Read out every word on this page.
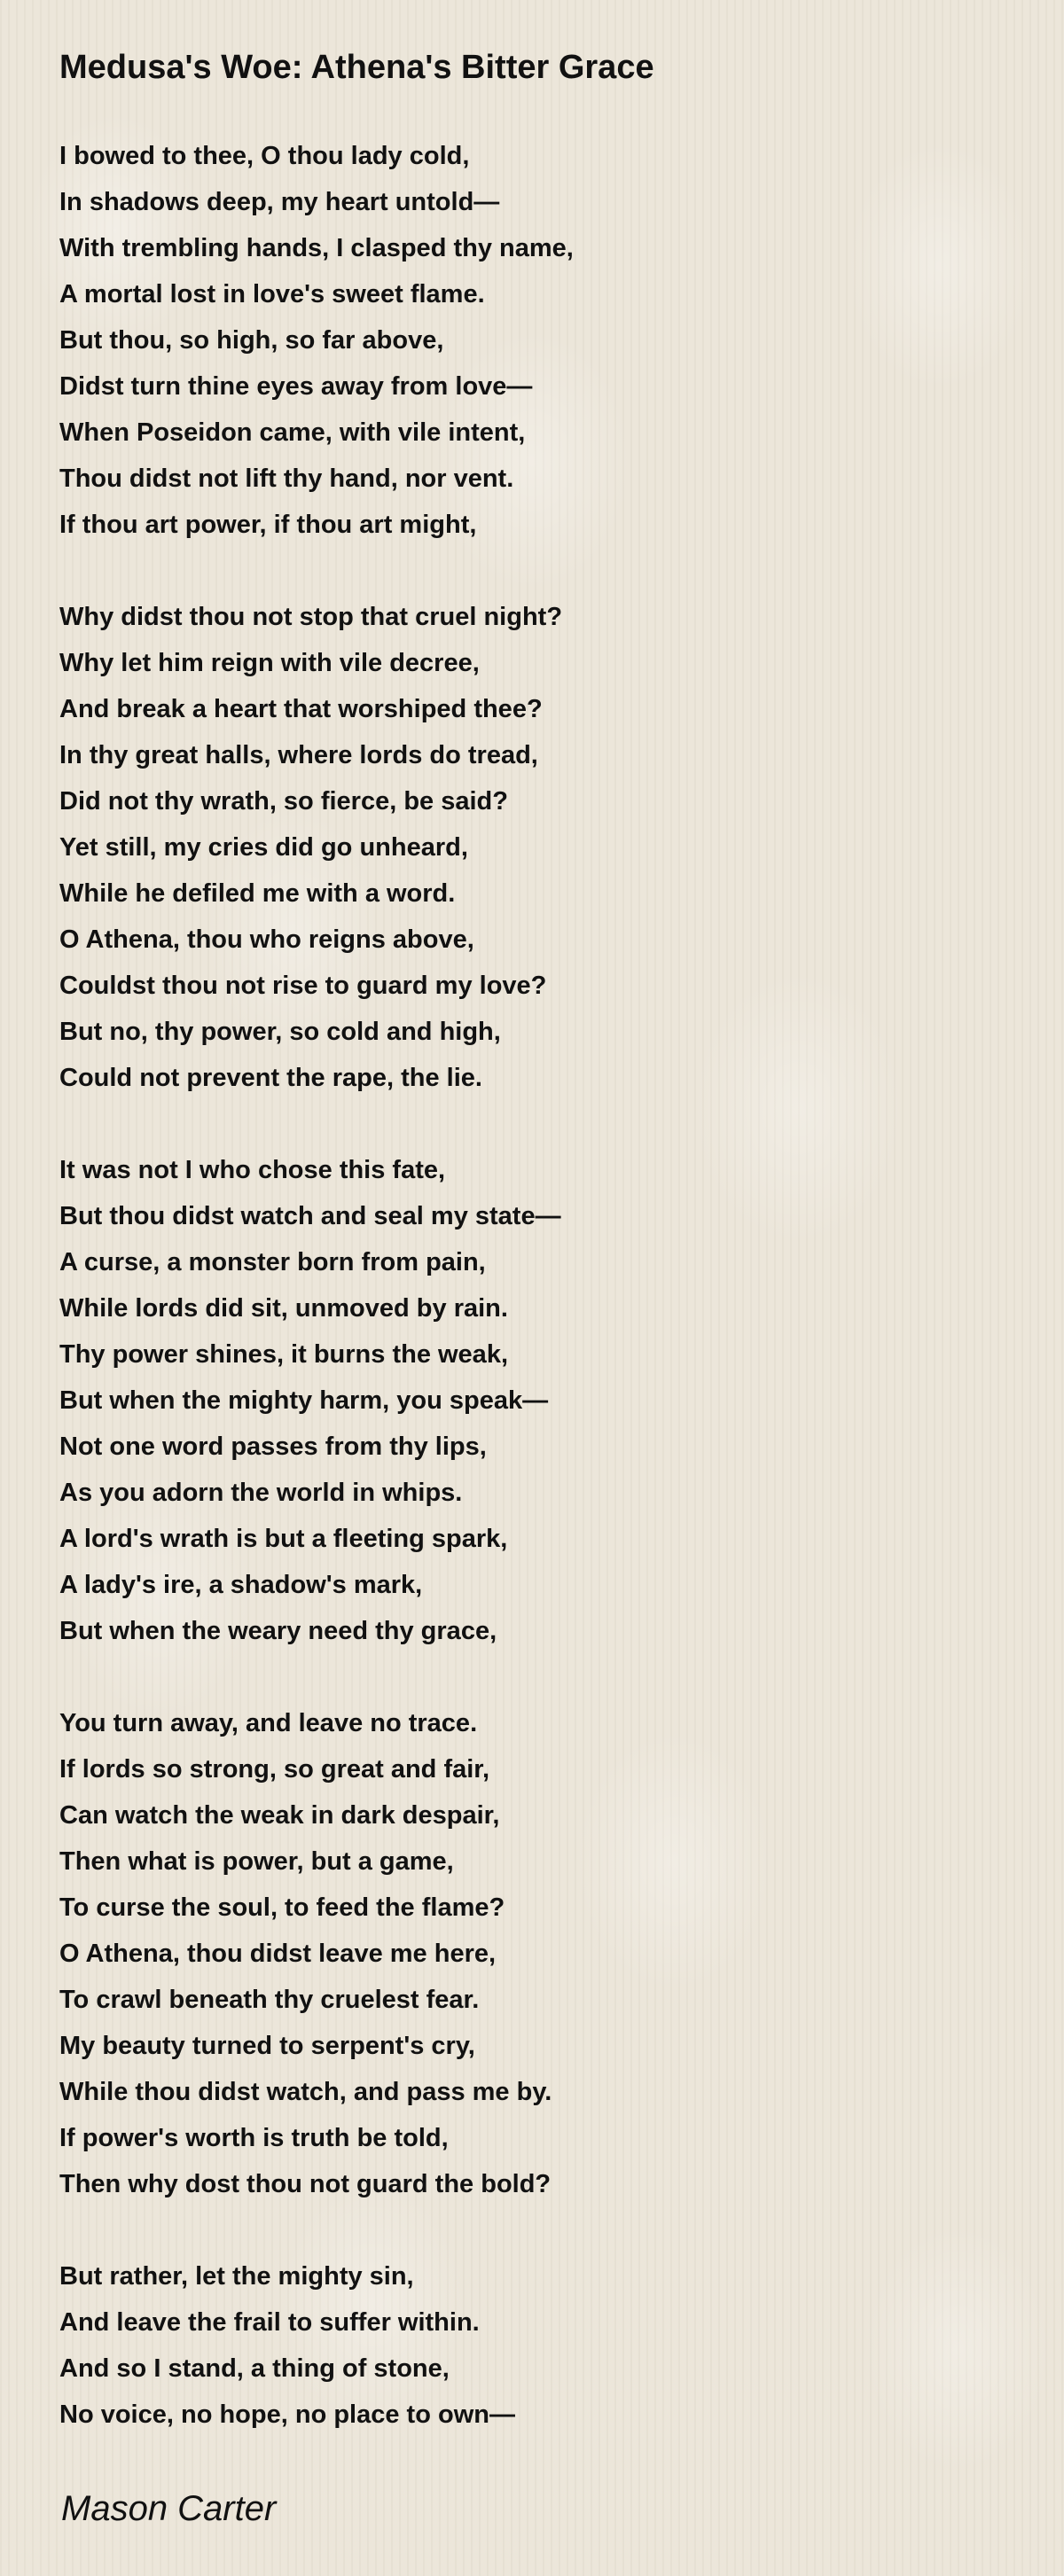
Medusa's Woe: Athena's Bitter Grace
I bowed to thee, O thou lady cold,
In shadows deep, my heart untold—
With trembling hands, I clasped thy name,
A mortal lost in love's sweet flame.
But thou, so high, so far above,
Didst turn thine eyes away from love—
When Poseidon came, with vile intent,
Thou didst not lift thy hand, nor vent.
If thou art power, if thou art might,
Why didst thou not stop that cruel night?
Why let him reign with vile decree,
And break a heart that worshiped thee?
In thy great halls, where lords do tread,
Did not thy wrath, so fierce, be said?
Yet still, my cries did go unheard,
While he defiled me with a word.
O Athena, thou who reigns above,
Couldst thou not rise to guard my love?
But no, thy power, so cold and high,
Could not prevent the rape, the lie.
It was not I who chose this fate,
But thou didst watch and seal my state—
A curse, a monster born from pain,
While lords did sit, unmoved by rain.
Thy power shines, it burns the weak,
But when the mighty harm, you speak—
Not one word passes from thy lips,
As you adorn the world in whips.
A lord's wrath is but a fleeting spark,
A lady's ire, a shadow's mark,
But when the weary need thy grace,
You turn away, and leave no trace.
If lords so strong, so great and fair,
Can watch the weak in dark despair,
Then what is power, but a game,
To curse the soul, to feed the flame?
O Athena, thou didst leave me here,
To crawl beneath thy cruelest fear.
My beauty turned to serpent's cry,
While thou didst watch, and pass me by.
If power's worth is truth be told,
Then why dost thou not guard the bold?
But rather, let the mighty sin,
And leave the frail to suffer within.
And so I stand, a thing of stone,
No voice, no hope, no place to own—
Mason Carter
